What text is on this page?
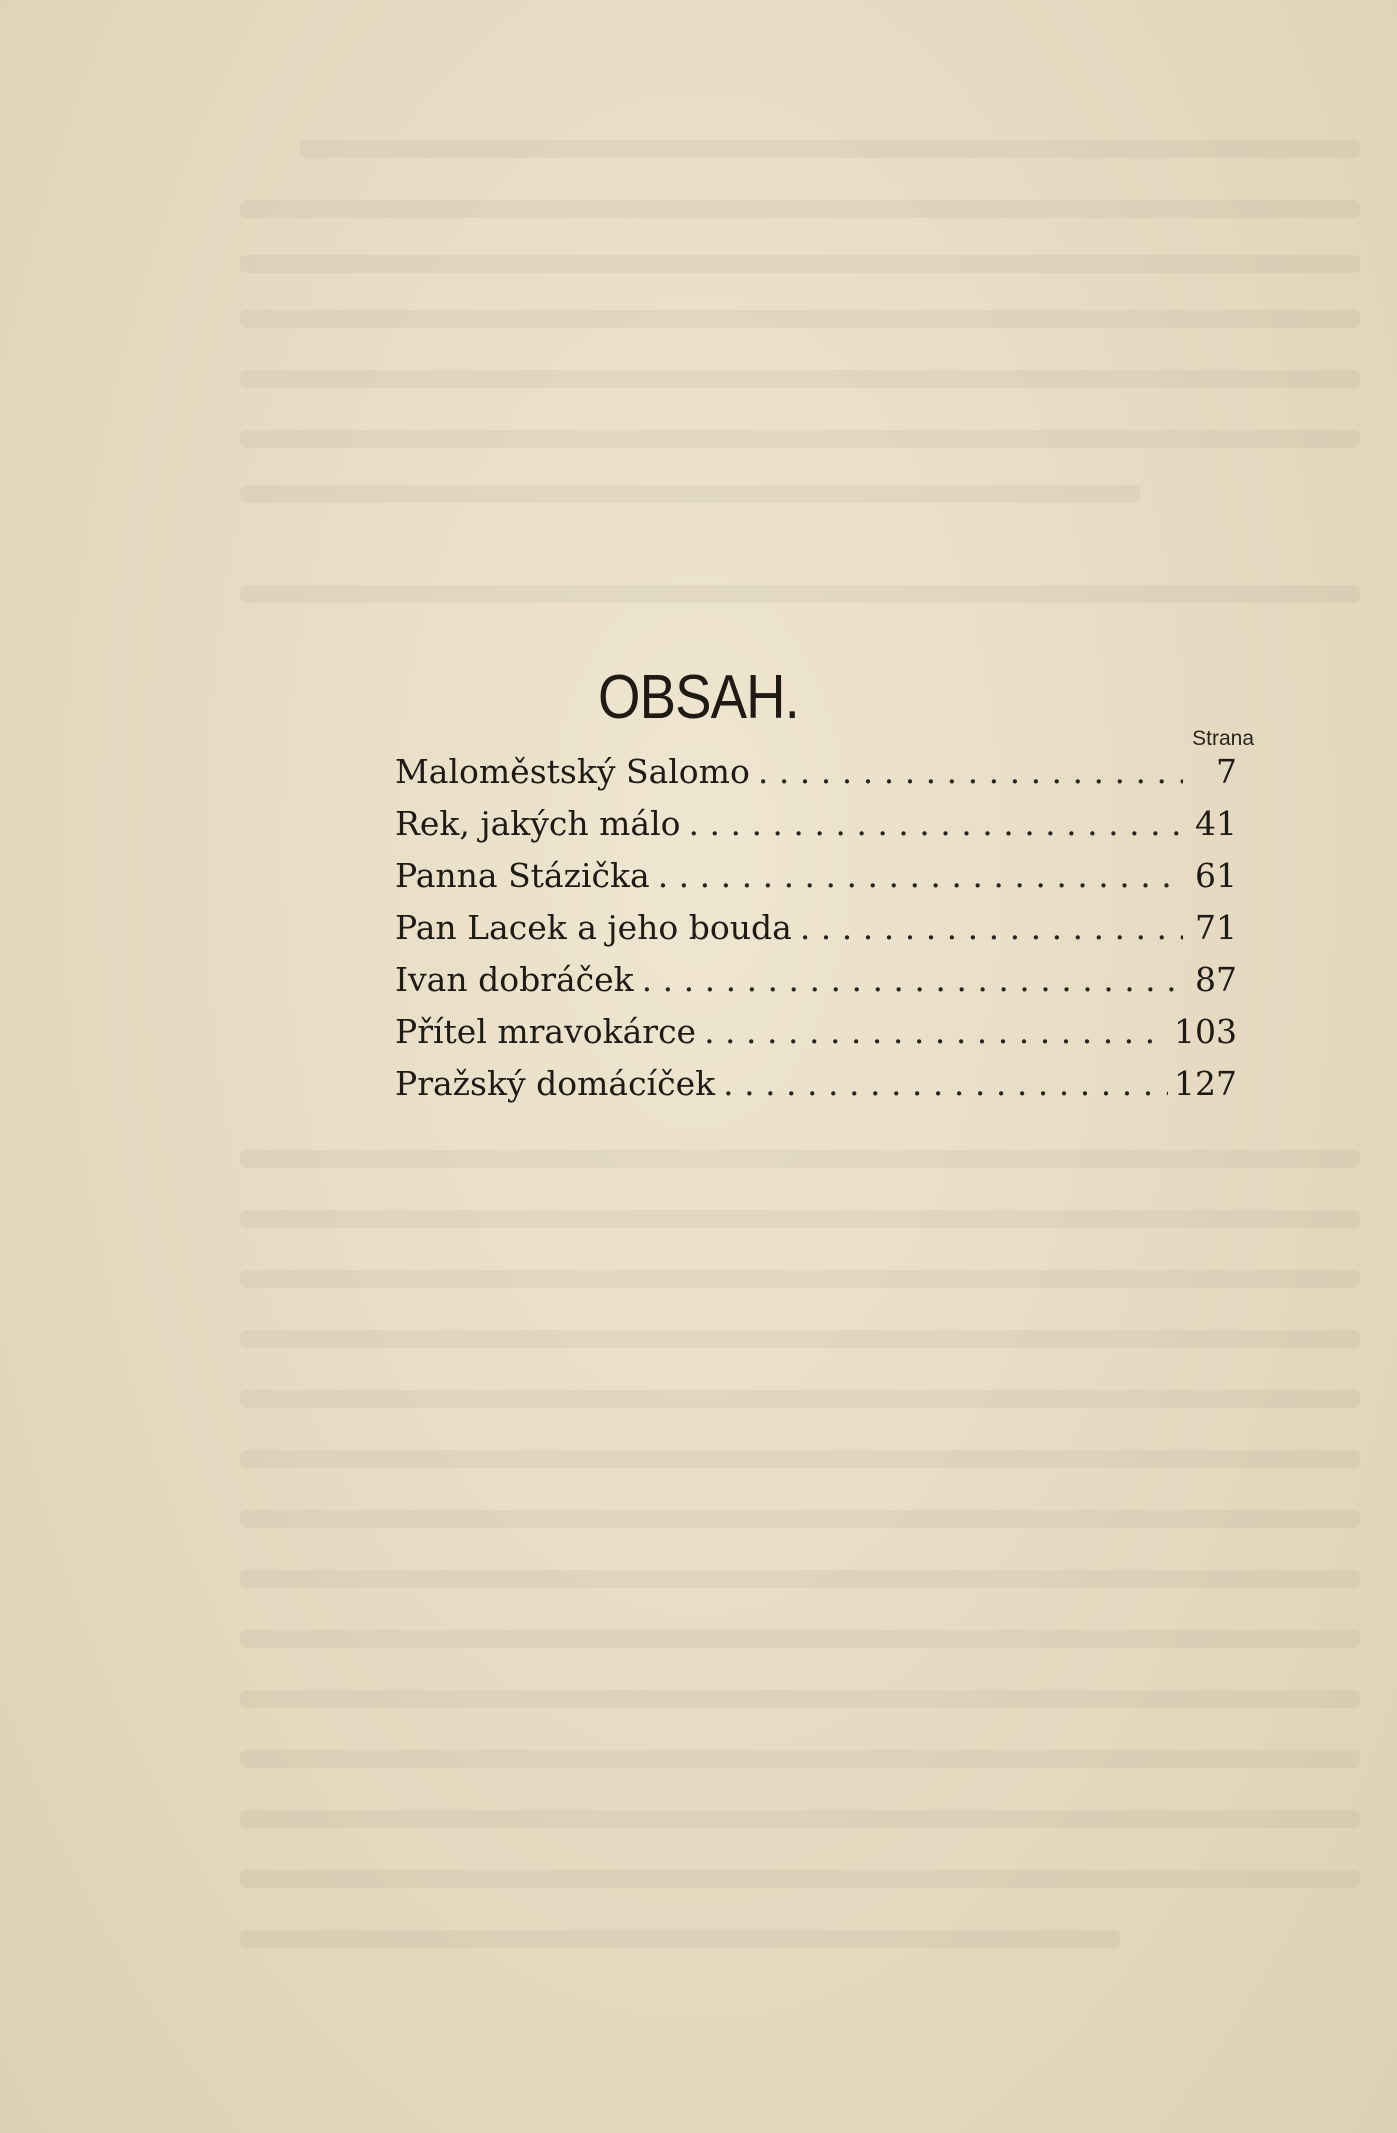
OBSAH.
Strana
Maloměstský Salomo . . .	7
Rek, jakých málo . . .	41
Panna Stázička . . .	61
Pan Lacek a jeho bouda . . .	71
Ivan dobráček . . .	87
Přítel mravokárce . . .	103
Pražský domácíček . . .	127
